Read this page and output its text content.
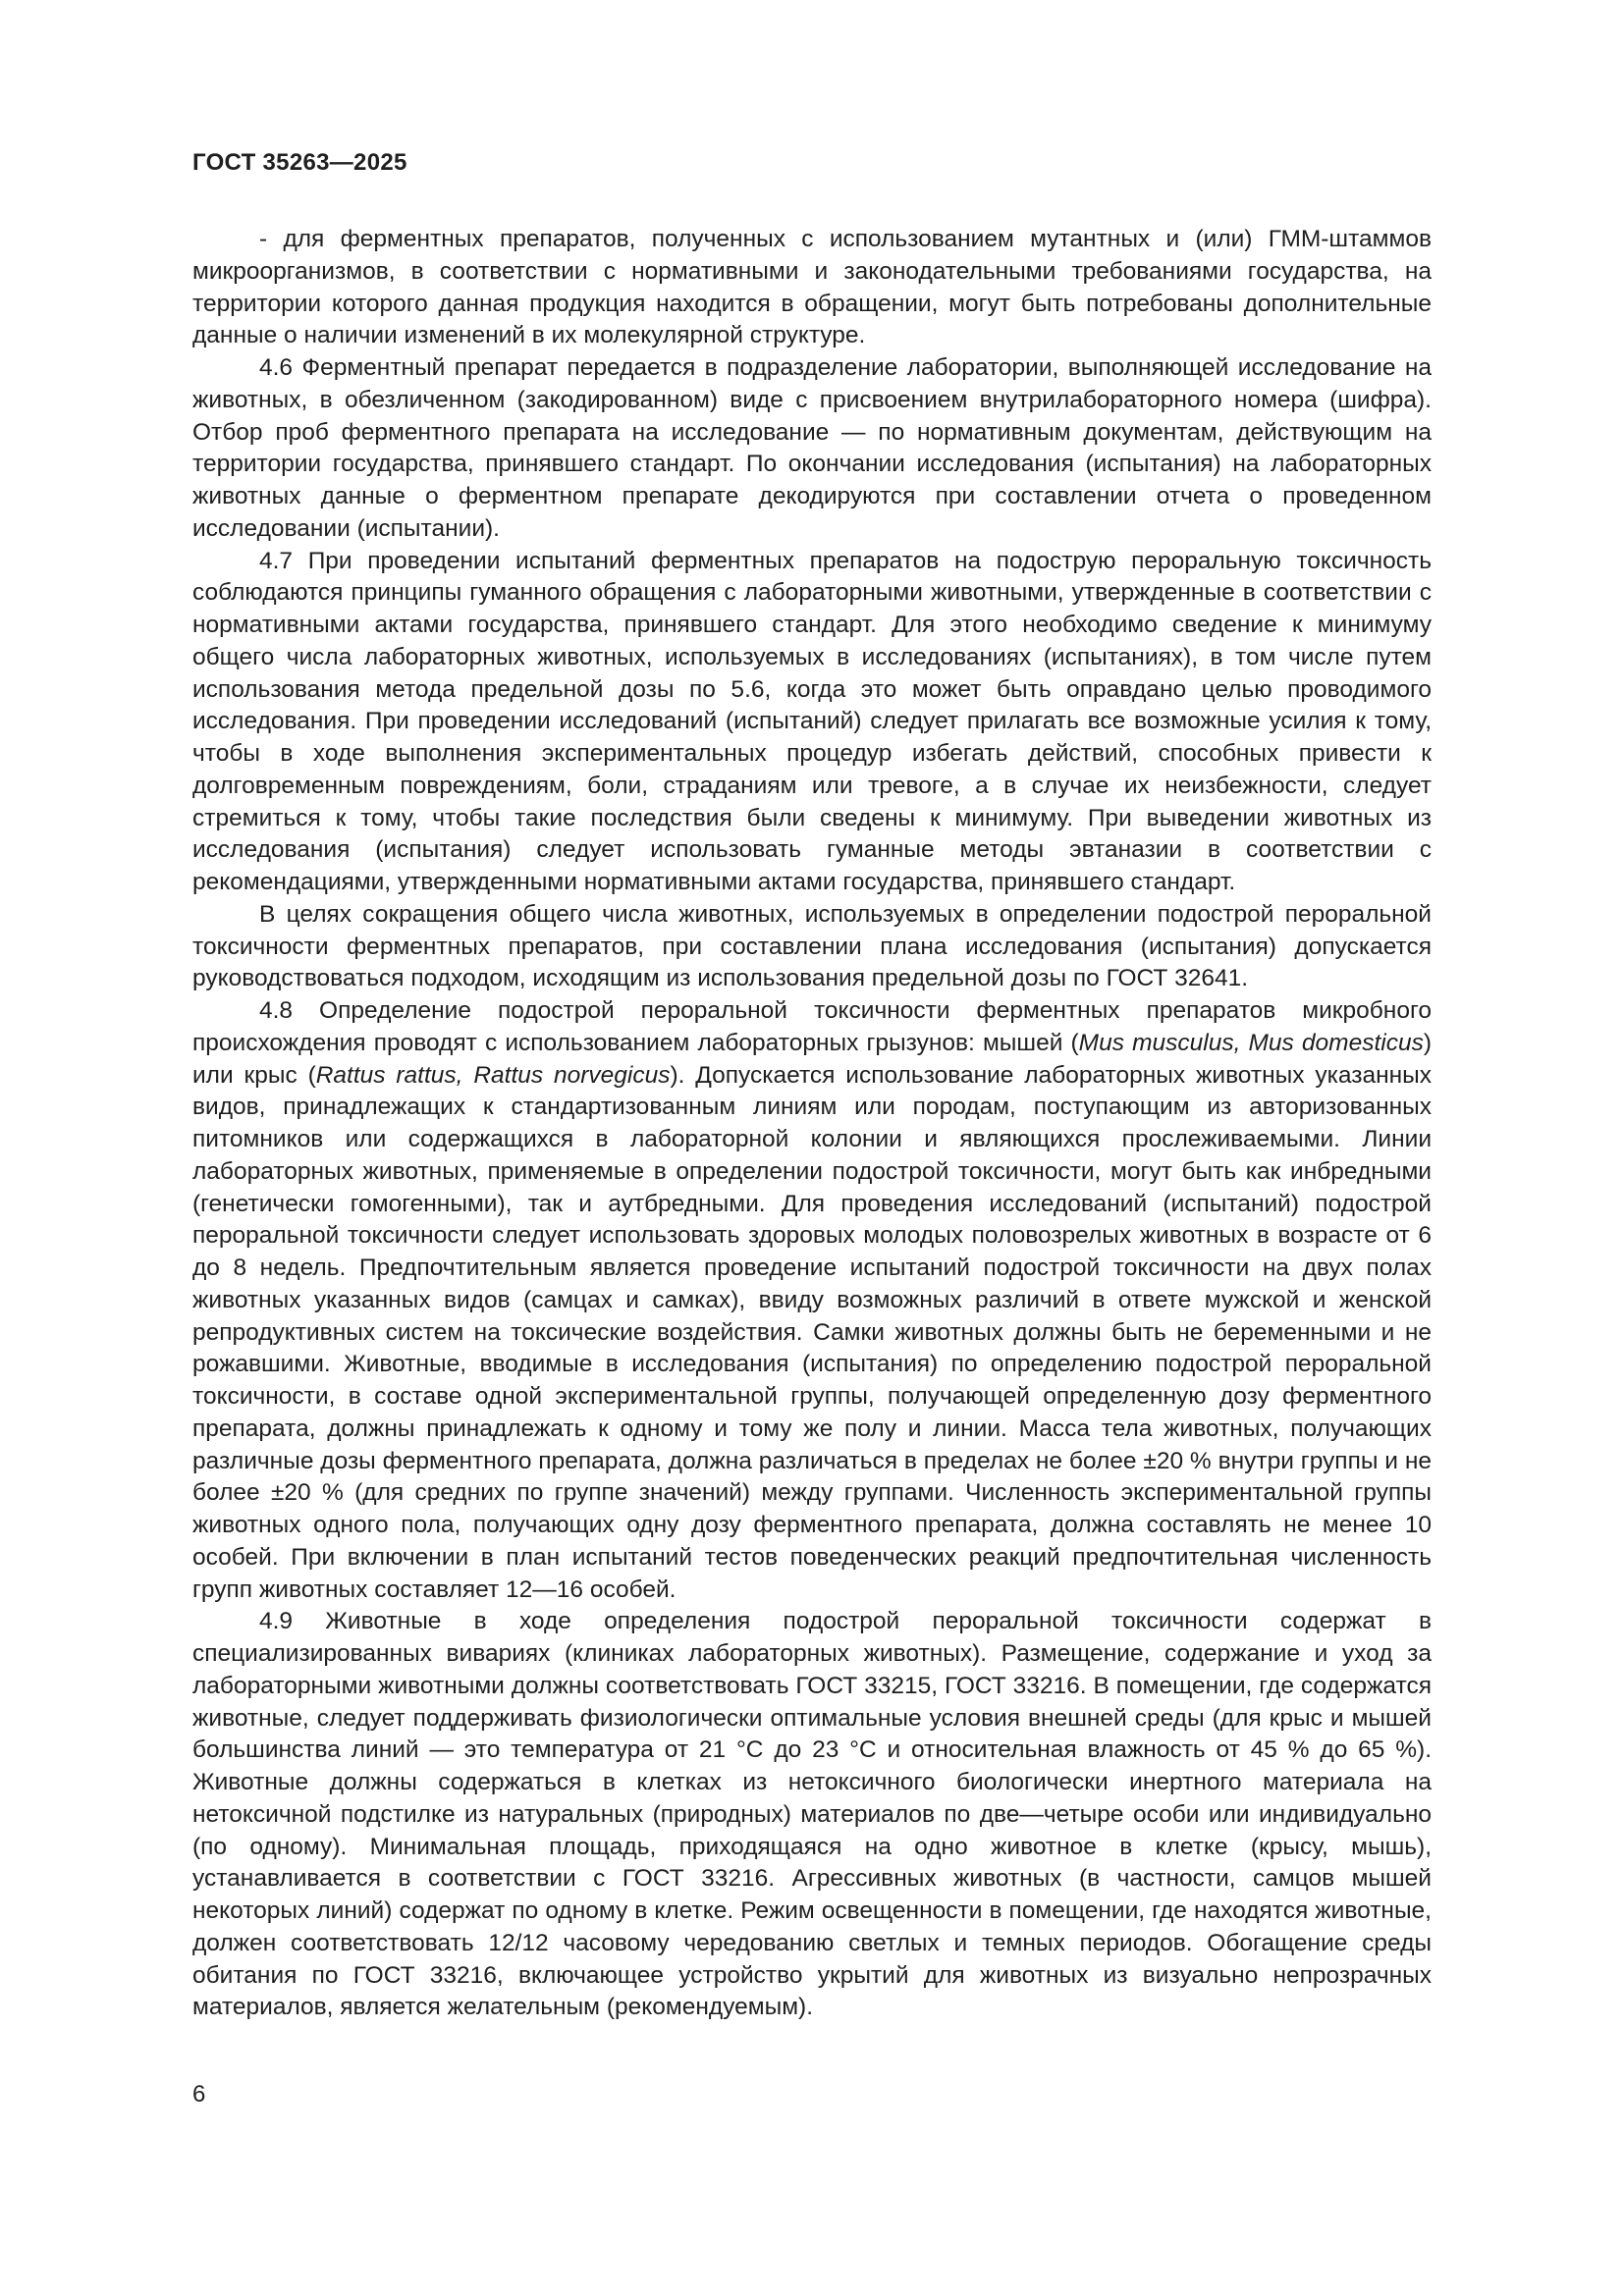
ГОСТ 35263—2025

- для ферментных препаратов, полученных с использованием мутантных и (или) ГММ-штаммов микроорганизмов, в соответствии с нормативными и законодательными требованиями государства, на территории которого данная продукция находится в обращении, могут быть потребованы дополнительные данные о наличии изменений в их молекулярной структуре.

4.6 Ферментный препарат передается в подразделение лаборатории, выполняющей исследование на животных, в обезличенном (закодированном) виде с присвоением внутрилабораторного номера (шифра). Отбор проб ферментного препарата на исследование — по нормативным документам, действующим на территории государства, принявшего стандарт. По окончании исследования (испытания) на лабораторных животных данные о ферментном препарате декодируются при составлении отчета о проведенном исследовании (испытании).

4.7 При проведении испытаний ферментных препаратов на подострую пероральную токсичность соблюдаются принципы гуманного обращения с лабораторными животными, утвержденные в соответствии с нормативными актами государства, принявшего стандарт. Для этого необходимо сведение к минимуму общего числа лабораторных животных, используемых в исследованиях (испытаниях), в том числе путем использования метода предельной дозы по 5.6, когда это может быть оправдано целью проводимого исследования. При проведении исследований (испытаний) следует прилагать все возможные усилия к тому, чтобы в ходе выполнения экспериментальных процедур избегать действий, способных привести к долговременным повреждениям, боли, страданиям или тревоге, а в случае их неизбежности, следует стремиться к тому, чтобы такие последствия были сведены к минимуму. При выведении животных из исследования (испытания) следует использовать гуманные методы эвтаназии в соответствии с рекомендациями, утвержденными нормативными актами государства, принявшего стандарт.

В целях сокращения общего числа животных, используемых в определении подострой пероральной токсичности ферментных препаратов, при составлении плана исследования (испытания) допускается руководствоваться подходом, исходящим из использования предельной дозы по ГОСТ 32641.

4.8 Определение подострой пероральной токсичности ферментных препаратов микробного происхождения проводят с использованием лабораторных грызунов: мышей (Mus musculus, Mus domesticus) или крыс (Rattus rattus, Rattus norvegicus). Допускается использование лабораторных животных указанных видов, принадлежащих к стандартизованным линиям или породам, поступающим из авторизованных питомников или содержащихся в лабораторной колонии и являющихся прослеживаемыми. Линии лабораторных животных, применяемые в определении подострой токсичности, могут быть как инбредными (генетически гомогенными), так и аутбредными. Для проведения исследований (испытаний) подострой пероральной токсичности следует использовать здоровых молодых половозрелых животных в возрасте от 6 до 8 недель. Предпочтительным является проведение испытаний подострой токсичности на двух полах животных указанных видов (самцах и самках), ввиду возможных различий в ответе мужской и женской репродуктивных систем на токсические воздействия. Самки животных должны быть не беременными и не рожавшими. Животные, вводимые в исследования (испытания) по определению подострой пероральной токсичности, в составе одной экспериментальной группы, получающей определенную дозу ферментного препарата, должны принадлежать к одному и тому же полу и линии. Масса тела животных, получающих различные дозы ферментного препарата, должна различаться в пределах не более ±20 % внутри группы и не более ±20 % (для средних по группе значений) между группами. Численность экспериментальной группы животных одного пола, получающих одну дозу ферментного препарата, должна составлять не менее 10 особей. При включении в план испытаний тестов поведенческих реакций предпочтительная численность групп животных составляет 12—16 особей.

4.9 Животные в ходе определения подострой пероральной токсичности содержат в специализированных вивариях (клиниках лабораторных животных). Размещение, содержание и уход за лабораторными животными должны соответствовать ГОСТ 33215, ГОСТ 33216. В помещении, где содержатся животные, следует поддерживать физиологически оптимальные условия внешней среды (для крыс и мышей большинства линий — это температура от 21 °С до 23 °С и относительная влажность от 45 % до 65 %). Животные должны содержаться в клетках из нетоксичного биологически инертного материала на нетоксичной подстилке из натуральных (природных) материалов по две—четыре особи или индивидуально (по одному). Минимальная площадь, приходящаяся на одно животное в клетке (крысу, мышь), устанавливается в соответствии с ГОСТ 33216. Агрессивных животных (в частности, самцов мышей некоторых линий) содержат по одному в клетке. Режим освещенности в помещении, где находятся животные, должен соответствовать 12/12 часовому чередованию светлых и темных периодов. Обогащение среды обитания по ГОСТ 33216, включающее устройство укрытий для животных из визуально непрозрачных материалов, является желательным (рекомендуемым).

6
